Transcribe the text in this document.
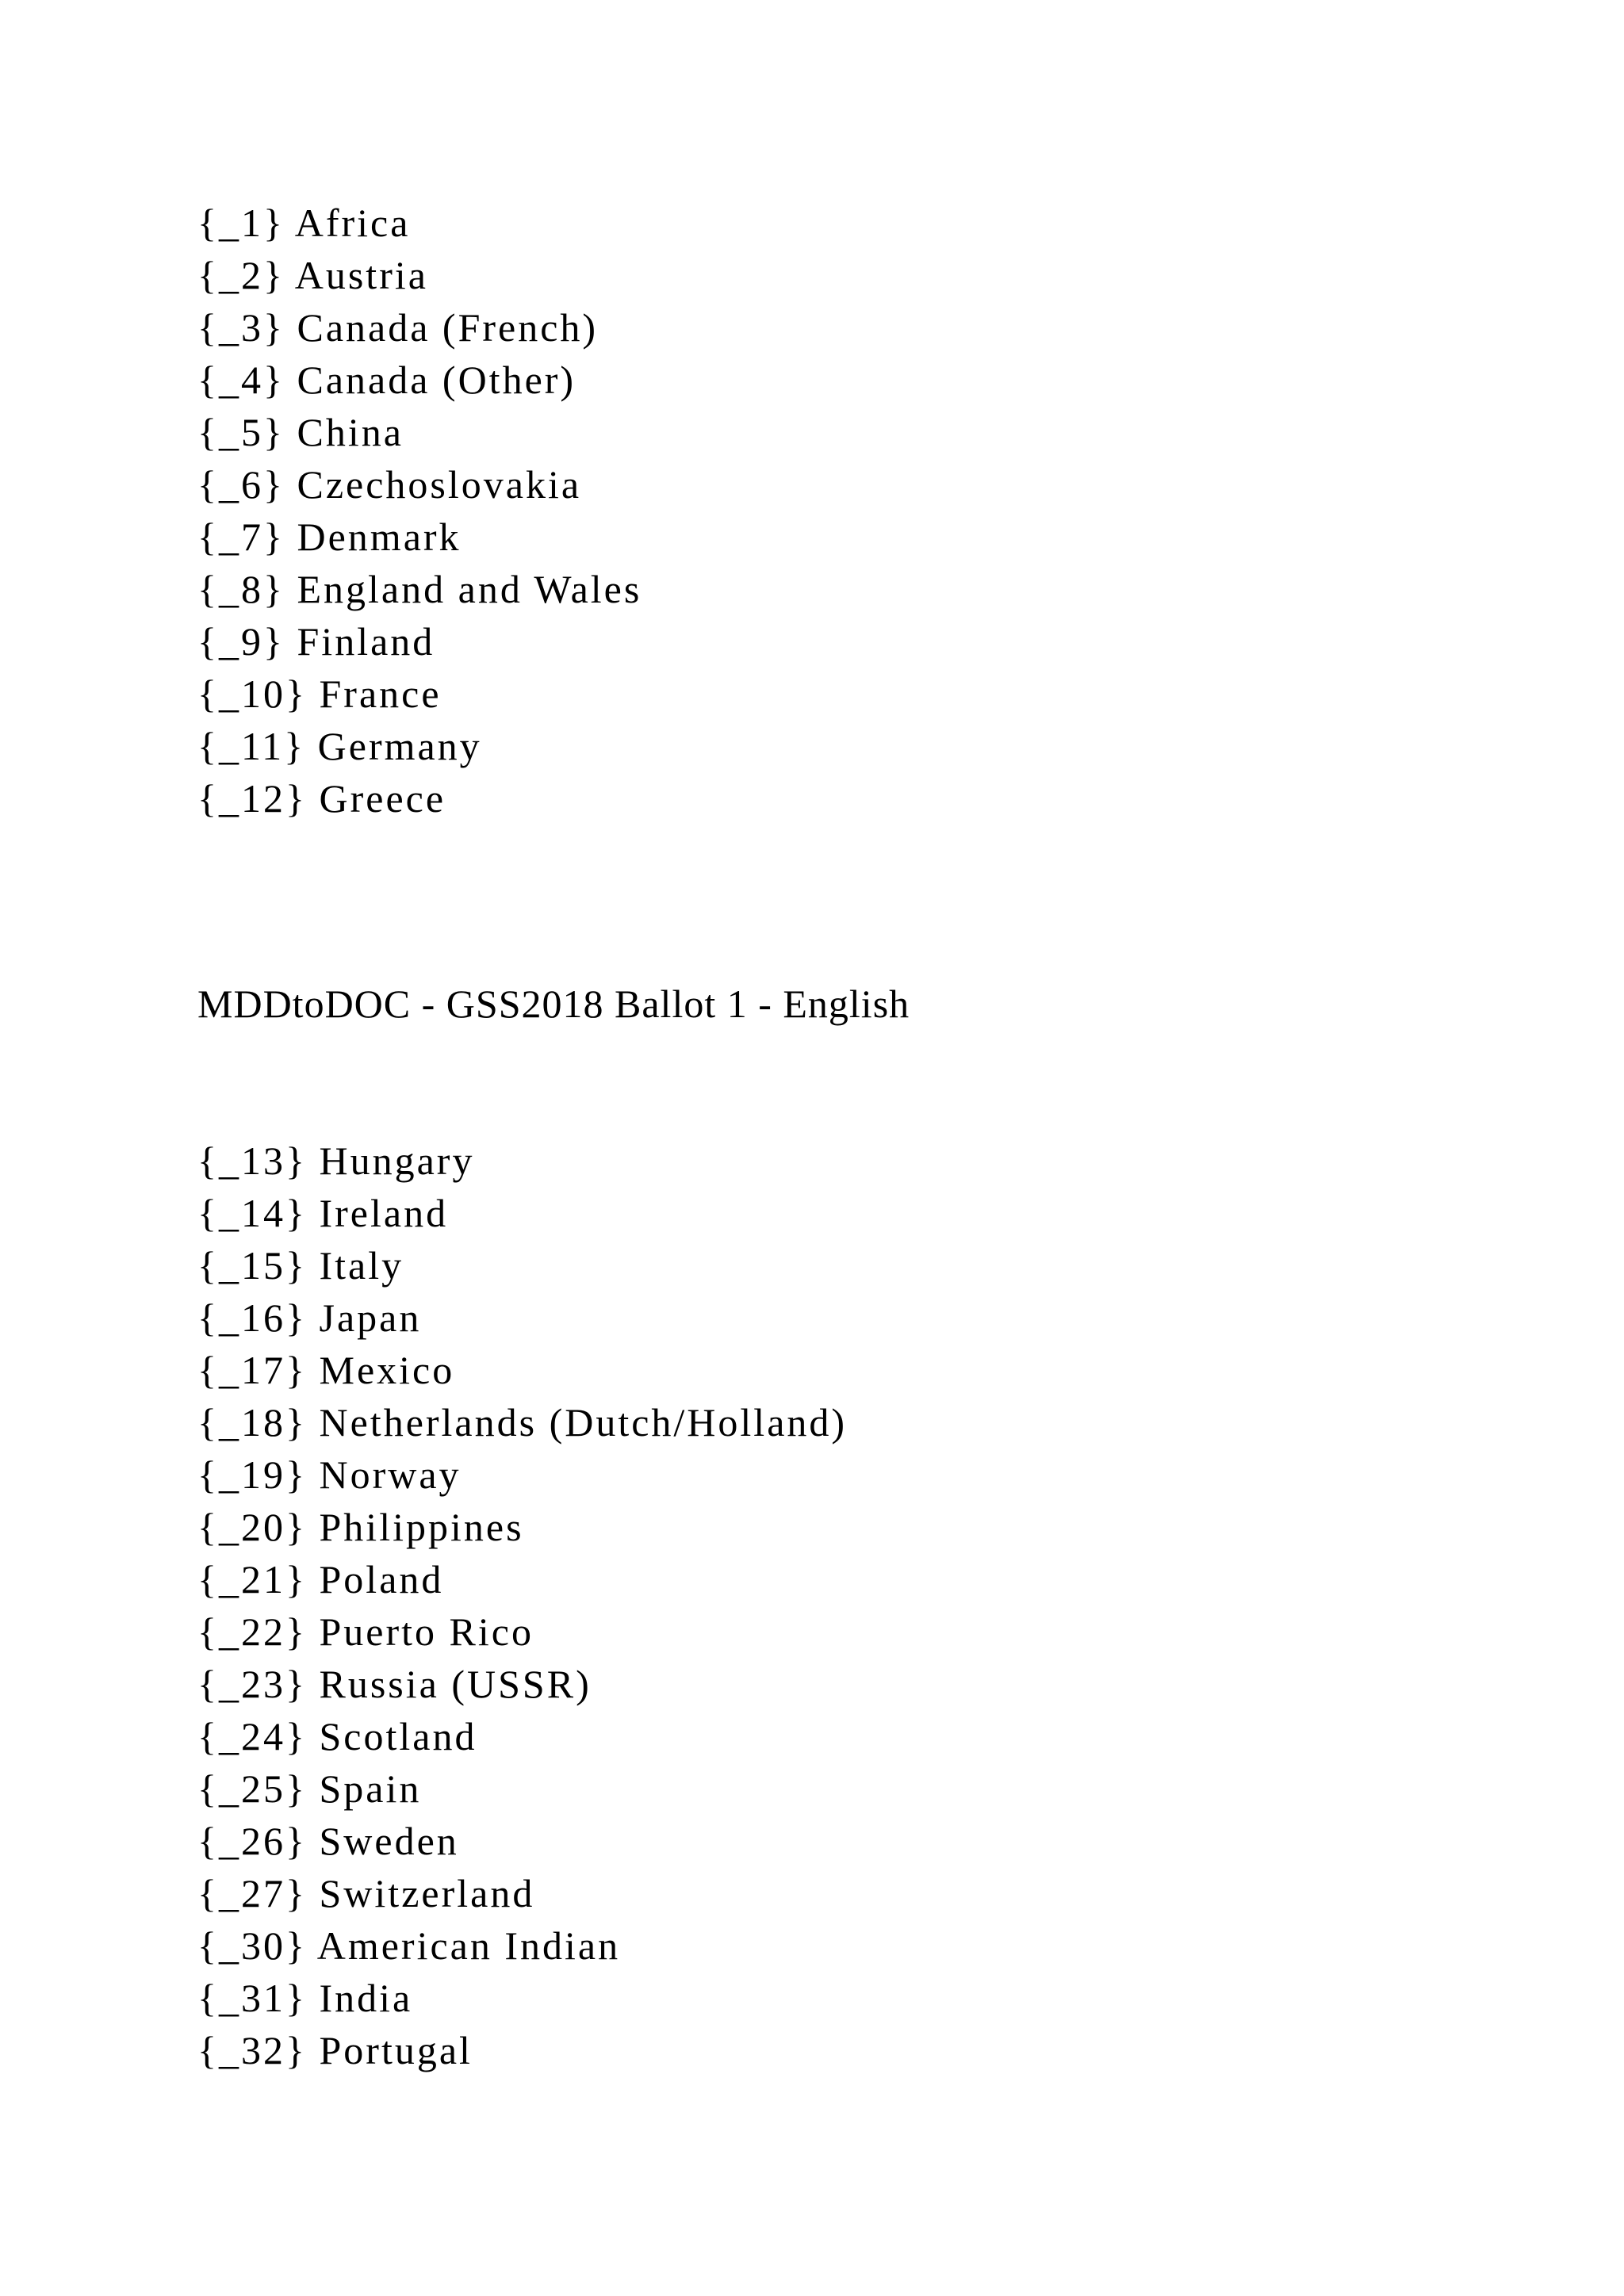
{_1} Africa
{_2} Austria
{_3} Canada (French)
{_4} Canada (Other)
{_5} China
{_6} Czechoslovakia
{_7} Denmark
{_8} England and Wales
{_9} Finland
{_10} France
{_11} Germany
{_12} Greece
MDDtoDOC - GSS2018 Ballot 1 - English
{_13} Hungary
{_14} Ireland
{_15} Italy
{_16} Japan
{_17} Mexico
{_18} Netherlands (Dutch/Holland)
{_19} Norway
{_20} Philippines
{_21} Poland
{_22} Puerto Rico
{_23} Russia (USSR)
{_24} Scotland
{_25} Spain
{_26} Sweden
{_27} Switzerland
{_30} American Indian
{_31} India
{_32} Portugal
